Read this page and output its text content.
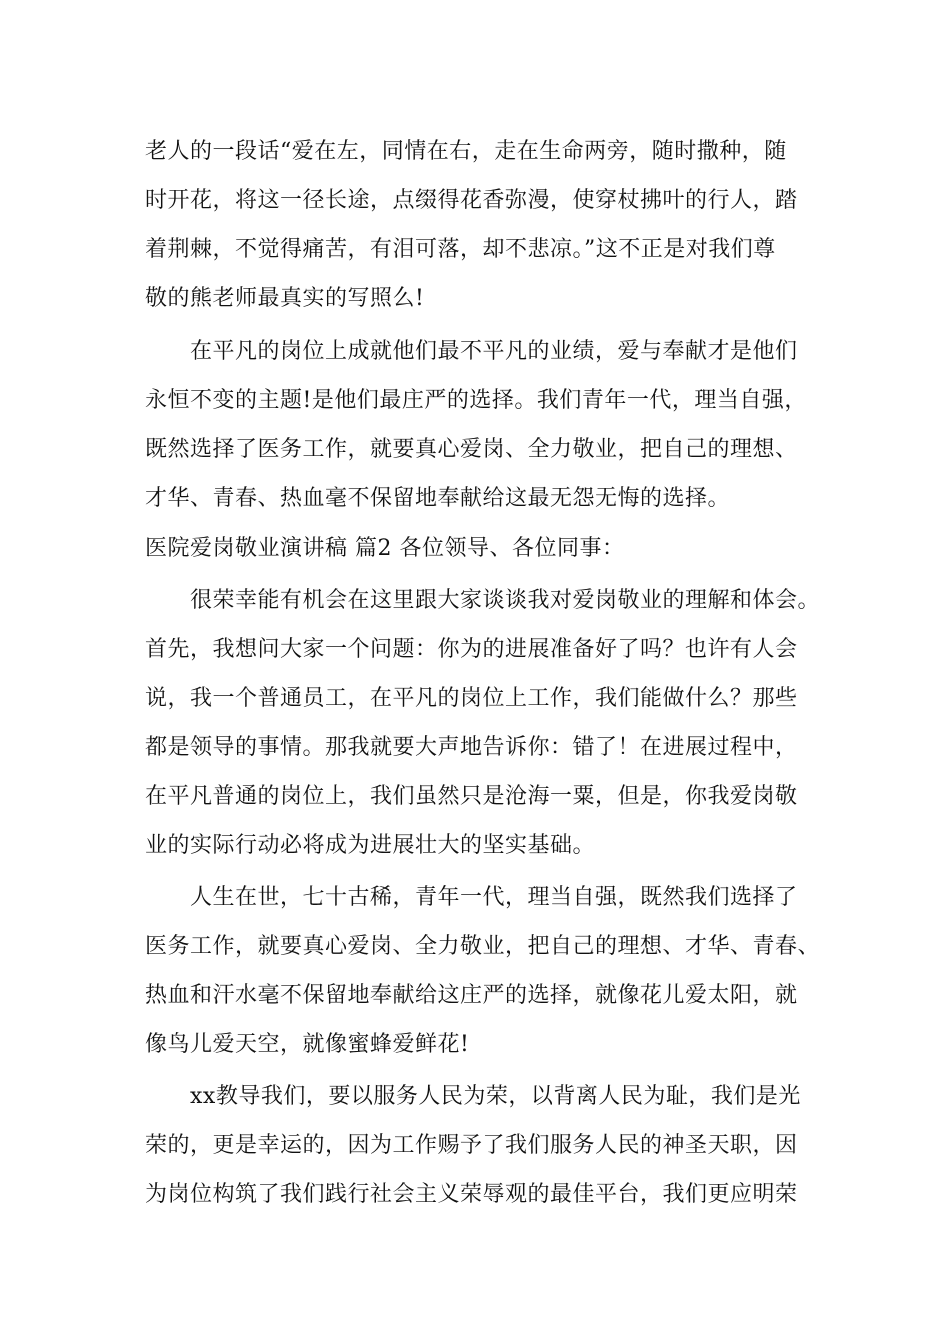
老人的一段话“爱在左，同情在右，走在生命两旁，随时撒种，随
时开花，将这一径长途，点缀得花香弥漫，使穿杖拂叶的行人，踏
着荆棘，不觉得痛苦，有泪可落，却不悲凉。”这不正是对我们尊
敬的熊老师最真实的写照么!
在平凡的岗位上成就他们最不平凡的业绩，爱与奉献才是他们
永恒不变的主题!是他们最庄严的选择。我们青年一代，理当自强，
既然选择了医务工作，就要真心爱岗、全力敬业，把自己的理想、
才华、青春、热血毫不保留地奉献给这最无怨无悔的选择。
医院爱岗敬业演讲稿 篇2 各位领导、各位同事：
很荣幸能有机会在这里跟大家谈谈我对爱岗敬业的理解和体会。
首先，我想问大家一个问题：你为的进展准备好了吗？也许有人会
说，我一个普通员工，在平凡的岗位上工作，我们能做什么？那些
都是领导的事情。那我就要大声地告诉你：错了！在进展过程中，
在平凡普通的岗位上，我们虽然只是沧海一粟，但是，你我爱岗敬
业的实际行动必将成为进展壮大的坚实基础。
人生在世，七十古稀，青年一代，理当自强，既然我们选择了
医务工作，就要真心爱岗、全力敬业，把自己的理想、才华、青春、
热血和汗水毫不保留地奉献给这庄严的选择，就像花儿爱太阳，就
像鸟儿爱天空，就像蜜蜂爱鲜花!
xx教导我们，要以服务人民为荣，以背离人民为耻，我们是光
荣的，更是幸运的，因为工作赐予了我们服务人民的神圣天职，因
为岗位构筑了我们践行社会主义荣辱观的最佳平台，我们更应明荣
